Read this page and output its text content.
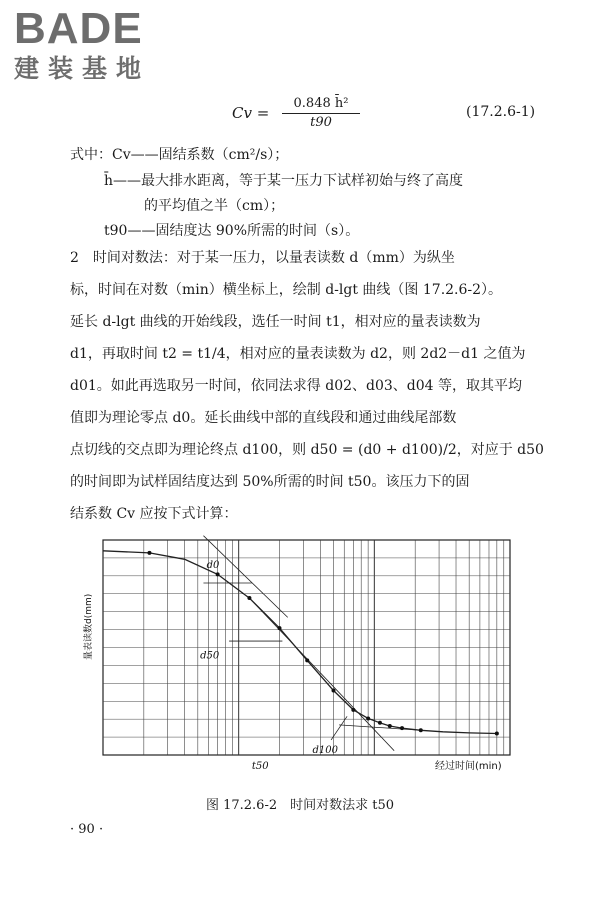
BADE
建装基地
$Cv = \frac{\text{0.848 h̄²}}{t90}$	(17.2.6-1)
式中：Cv——固结系数（cm²/s）；
h̄——最大排水距离，等于某一压力下试样初始与终了高度
的平均值之半（cm）；
t90——固结度达 90%所需的时间（s）。
2　时间对数法：对于某一压力，以量表读数 d（mm）为纵坐
标，时间在对数（min）横坐标上，绘制 d-lgt 曲线（图 17.2.6-2）。
延长 d-lgt 曲线的开始线段，选任一时间 t1，相对应的量表读数为
d1，再取时间 t2 = t1/4，相对应的量表读数为 d2，则 2d2－d1 之值为
d01。如此再选取另一时间，依同法求得 d02、d03、d04 等，取其平均
值即为理论零点 d0。延长曲线中部的直线段和通过曲线尾部数
点切线的交点即为理论终点 d100，则 d50 = (d0 + d100)/2，对应于 d50
的时间即为试样固结度达到 50%所需的时间 t50。该压力下的固
结系数 Cv 应按下式计算：
量表读数d(mm)
经过时间(min)
d0
d50
d100
t50
图 17.2.6-2　时间对数法求 t50
· 90 ·
